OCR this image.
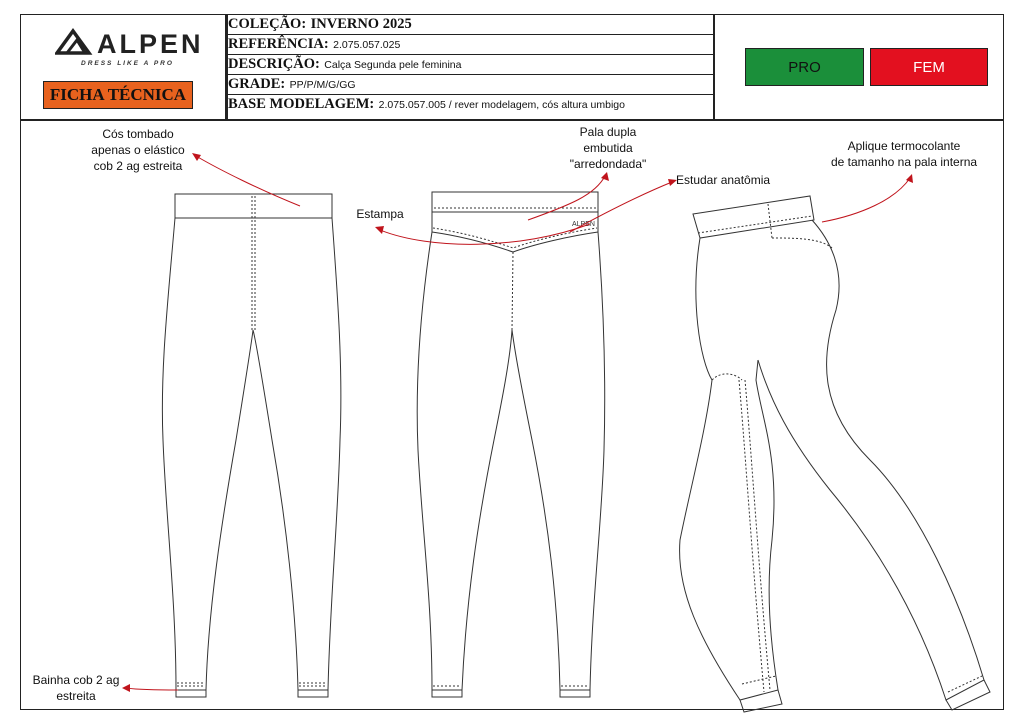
ALPEN
DRESS LIKE A PRO
FICHA TÉCNICA
COLEÇÃO: INVERNO 2025
REFERÊNCIA: 2.075.057.025
DESCRIÇÃO: Calça Segunda pele feminina
GRADE: PP/P/M/G/GG
BASE MODELAGEM: 2.075.057.005 / rever modelagem, cós altura umbigo
PRO	FEM
ALPEN
Cós tombado
apenas o elástico
cob 2 ag estreita
Bainha cob 2 ag
estreita
Estampa
Pala dupla
embutida
"arredondada"
Estudar anatômia
Aplique termocolante
de tamanho na pala interna
